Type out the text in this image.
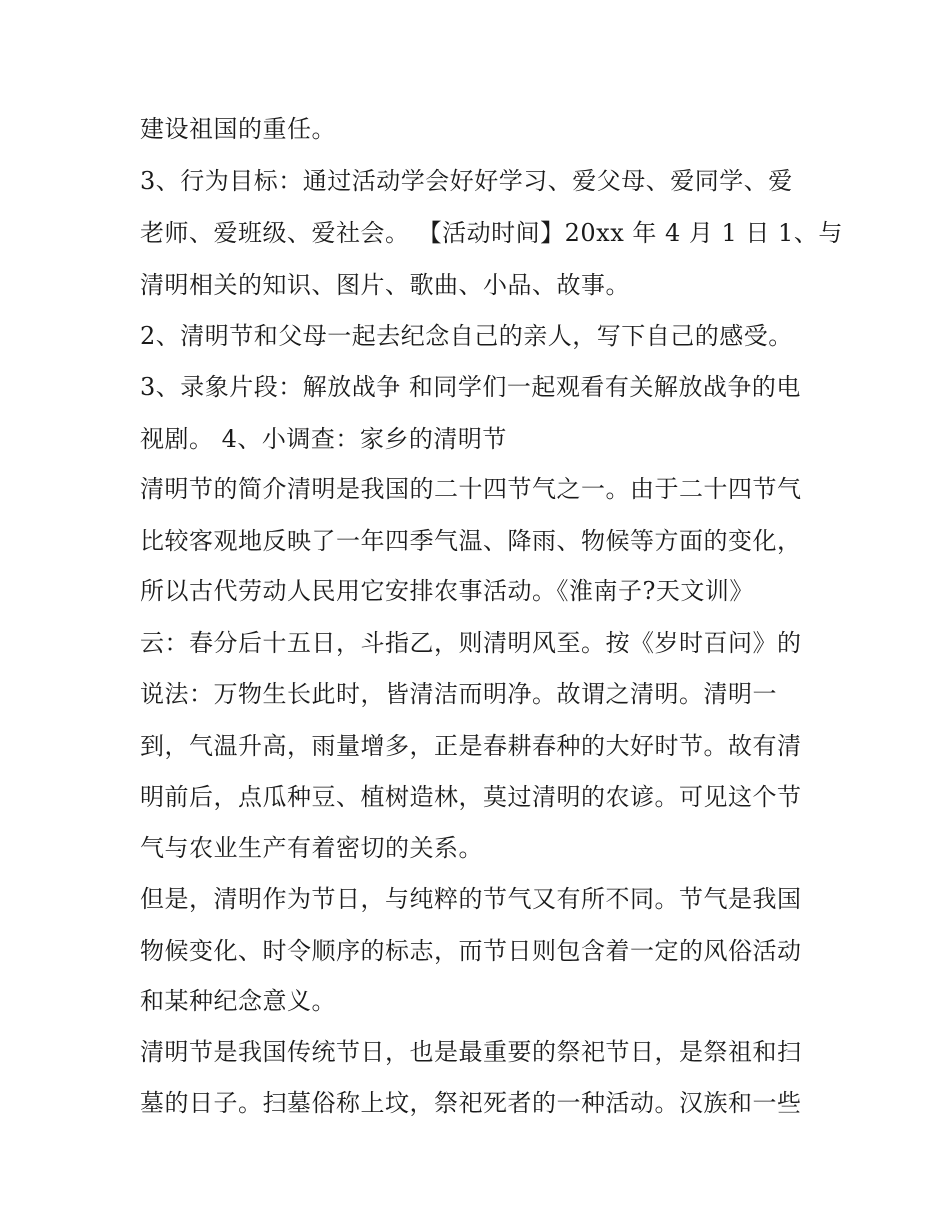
建设祖国的重任。
3、行为目标：通过活动学会好好学习、爱父母、爱同学、爱
老师、爱班级、爱社会。 【活动时间】20xx 年 4 月 1 日 1、与
清明相关的知识、图片、歌曲、小品、故事。
2、清明节和父母一起去纪念自己的亲人，写下自己的感受。
3、录象片段：解放战争 和同学们一起观看有关解放战争的电
视剧。 4、小调查：家乡的清明节
清明节的简介清明是我国的二十四节气之一。由于二十四节气
比较客观地反映了一年四季气温、降雨、物候等方面的变化，
所以古代劳动人民用它安排农事活动。《淮南子?天文训》
云：春分后十五日，斗指乙，则清明风至。按《岁时百问》的
说法：万物生长此时，皆清洁而明净。故谓之清明。清明一
到，气温升高，雨量增多，正是春耕春种的大好时节。故有清
明前后，点瓜种豆、植树造林，莫过清明的农谚。可见这个节
气与农业生产有着密切的关系。
但是，清明作为节日，与纯粹的节气又有所不同。节气是我国
物候变化、时令顺序的标志，而节日则包含着一定的风俗活动
和某种纪念意义。
清明节是我国传统节日，也是最重要的祭祀节日，是祭祖和扫
墓的日子。扫墓俗称上坟，祭祀死者的一种活动。汉族和一些
